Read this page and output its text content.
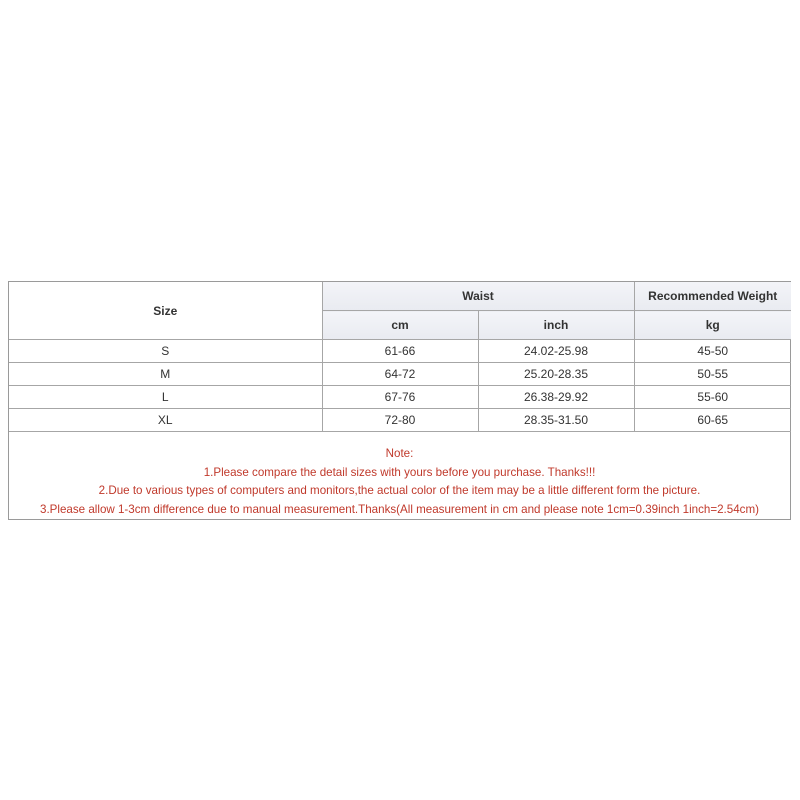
Size	Waist		Recommended Weight
	cm	inch	kg
S	61-66	24.02-25.98	45-50
M	64-72	25.20-28.35	50-55
L	67-76	26.38-29.92	55-60
XL	72-80	28.35-31.50	60-65
Note:
1.Please compare the detail sizes with yours before you purchase. Thanks!!!
2.Due to various types of computers and monitors,the actual color of the item may be a little different form the picture.
3.Please allow 1-3cm difference due to manual measurement.Thanks(All measurement in cm and please note 1cm=0.39inch 1inch=2.54cm)
